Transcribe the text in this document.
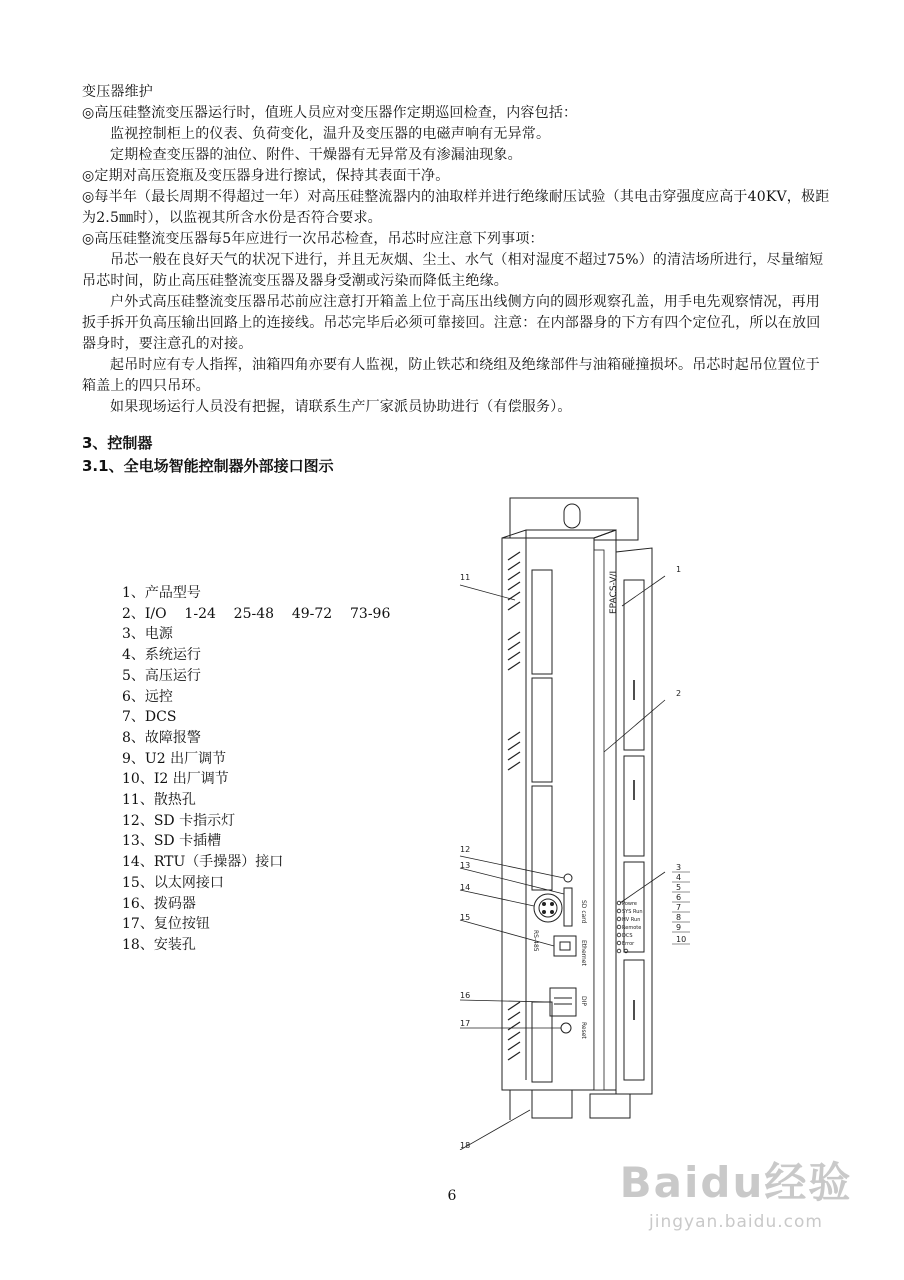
变压器维护

◎高压硅整流变压器运行时，值班人员应对变压器作定期巡回检查，内容包括：

监视控制柜上的仪表、负荷变化，温升及变压器的电磁声响有无异常。

定期检查变压器的油位、附件、干燥器有无异常及有渗漏油现象。

◎定期对高压瓷瓶及变压器身进行擦试，保持其表面干净。

◎每半年（最长周期不得超过一年）对高压硅整流器内的油取样并进行绝缘耐压试验（其电击穿强度应高于40KV，极距为2.5㎜时），以监视其所含水份是否符合要求。

◎高压硅整流变压器每5年应进行一次吊芯检查，吊芯时应注意下列事项：

吊芯一般在良好天气的状况下进行，并且无灰烟、尘土、水气（相对湿度不超过75%）的清洁场所进行，尽量缩短吊芯时间，防止高压硅整流变压器及器身受潮或污染而降低主绝缘。

户外式高压硅整流变压器吊芯前应注意打开箱盖上位于高压出线侧方向的圆形观察孔盖，用手电先观察情况，再用扳手拆开负高压输出回路上的连接线。吊芯完毕后必须可靠接回。注意：在内部器身的下方有四个定位孔，所以在放回器身时，要注意孔的对接。

起吊时应有专人指挥，油箱四角亦要有人监视，防止铁芯和绕组及绝缘部件与油箱碰撞损坏。吊芯时起吊位置位于箱盖上的四只吊环。

如果现场运行人员没有把握，请联系生产厂家派员协助进行（有偿服务）。

3、控制器

3.1、全电场智能控制器外部接口图示

1、产品型号
2、I/O    1-24    25-48    49-72    73-96
3、电源
4、系统运行
5、高压运行
6、远控
7、DCS
8、故障报警
9、U2 出厂调节
10、I2 出厂调节
11、散热孔
12、SD 卡指示灯
13、SD 卡插槽
14、RTU（手操器）接口
15、以太网接口
16、拨码器
17、复位按钮
18、安装孔
SD card
RS-485	Ethernet
DIP
Reset
EPACS-V/I
Powre
SYS Run
HV Run
Remote
DCS
Error
11
1
2
3
4
5
6
7
8
9
10
12
13
14
15
16
17
18
6	Baidu经验
jingyan.baidu.com
